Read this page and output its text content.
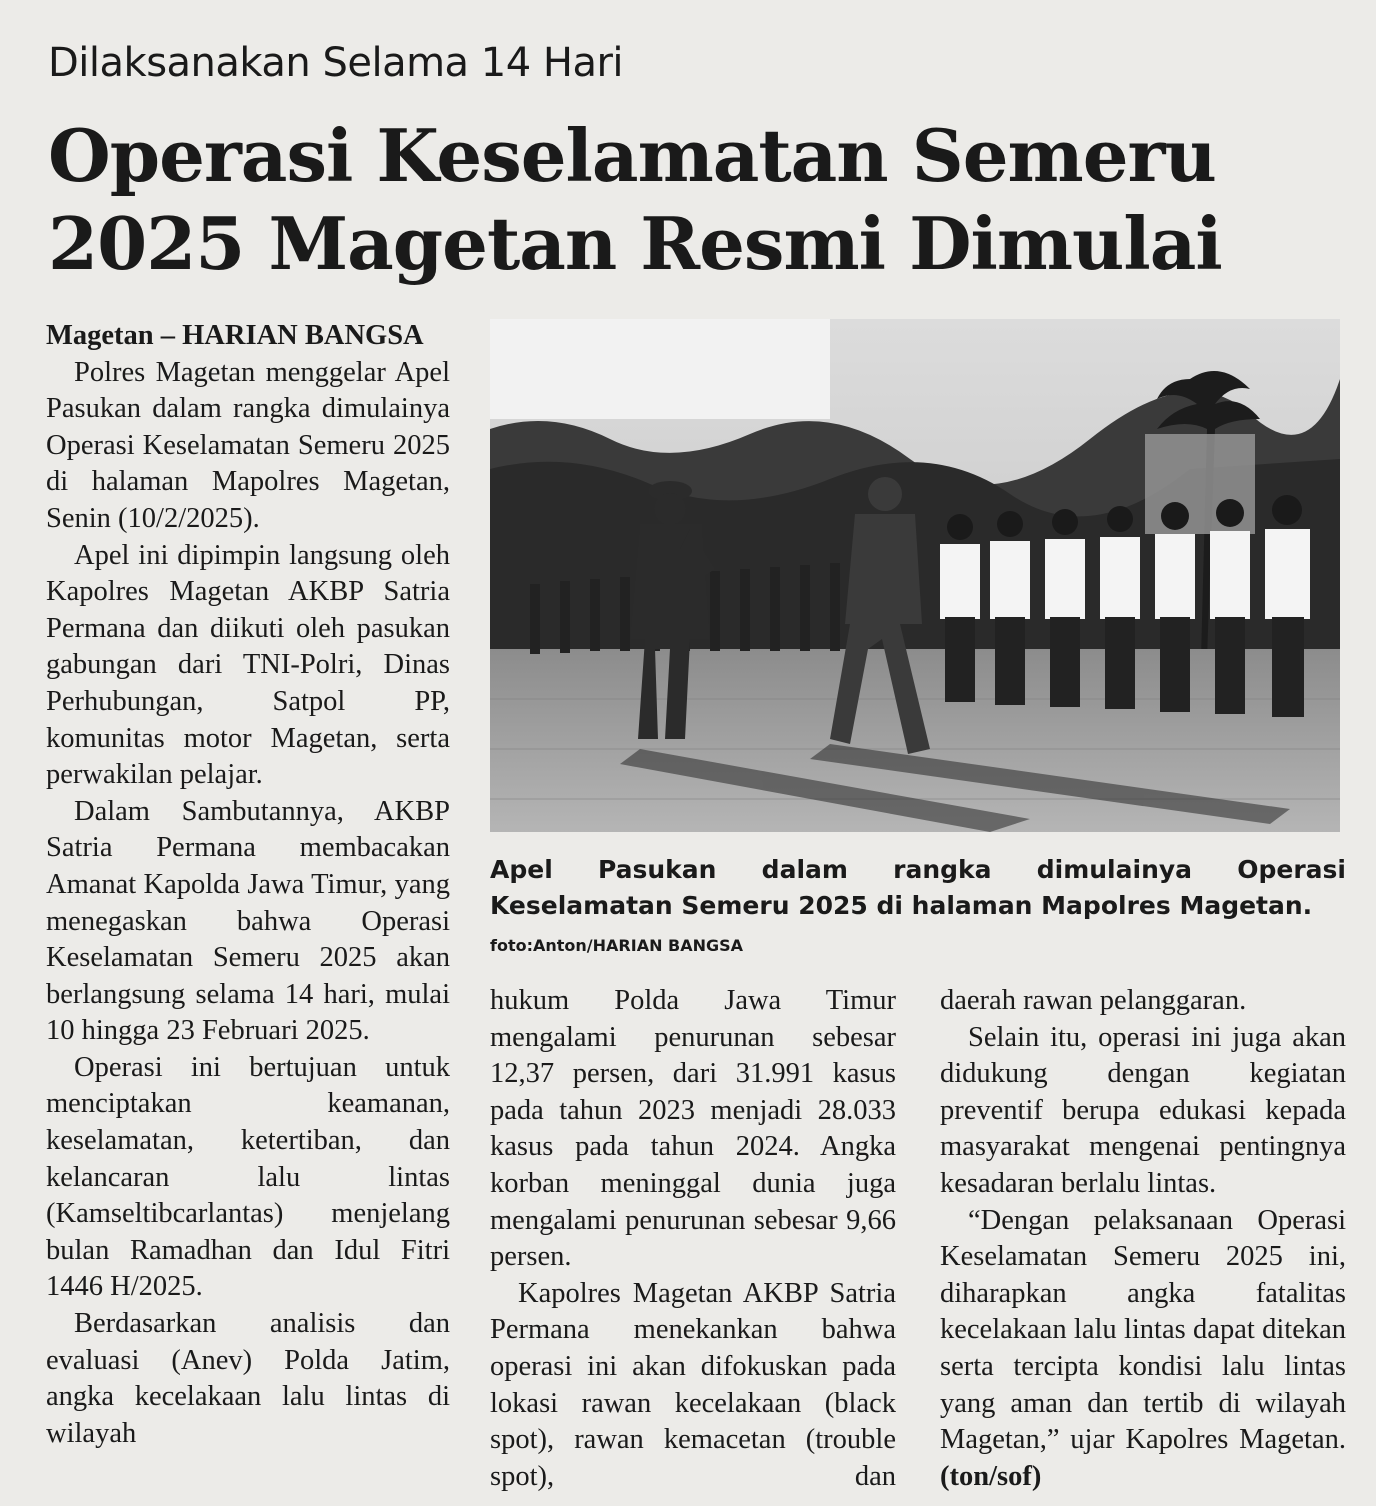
Dilaksanakan Selama 14 Hari
Operasi Keselamatan Semeru 2025 Magetan Resmi Dimulai

Magetan – HARIAN BANGSA

Polres Magetan menggelar Apel Pasukan dalam rangka dimulainya Operasi Keselamatan Semeru 2025 di halaman Mapolres Magetan, Senin (10/2/2025).

Apel ini dipimpin langsung oleh Kapolres Magetan AKBP Satria Permana dan diikuti oleh pasukan gabungan dari TNI-Polri, Dinas Perhubungan, Satpol PP, komunitas motor Magetan, serta perwakilan pelajar.

Dalam Sambutannya, AKBP Satria Permana membacakan Amanat Kapolda Jawa Timur, yang menegaskan bahwa Operasi Keselamatan Semeru 2025 akan berlangsung selama 14 hari, mulai 10 hingga 23 Februari 2025.

Operasi ini bertujuan untuk menciptakan keamanan, keselamatan, ketertiban, dan kelancaran lalu lintas (Kamseltibcarlantas) menjelang bulan Ramadhan dan Idul Fitri 1446 H/2025.

Berdasarkan analisis dan evaluasi (Anev) Polda Jatim, angka kecelakaan lalu lintas di wilayah

Apel Pasukan dalam rangka dimulainya Operasi Keselamatan Semeru 2025 di halaman Mapolres Magetan.

foto:Anton/HARIAN BANGSA

hukum Polda Jawa Timur mengalami penurunan sebesar 12,37 persen, dari 31.991 kasus pada tahun 2023 menjadi 28.033 kasus pada tahun 2024. Angka korban meninggal dunia juga mengalami penurunan sebesar 9,66 persen.

Kapolres Magetan AKBP Satria Permana menekankan bahwa operasi ini akan difokuskan pada lokasi rawan kecelakaan (black spot), rawan kemacetan (trouble spot), dan

daerah rawan pelanggaran.

Selain itu, operasi ini juga akan didukung dengan kegiatan preventif berupa edukasi kepada masyarakat mengenai pentingnya kesadaran berlalu lintas.

“Dengan pelaksanaan Operasi Keselamatan Semeru 2025 ini, diharapkan angka fatalitas kecelakaan lalu lintas dapat ditekan serta tercipta kondisi lalu lintas yang aman dan tertib di wilayah Magetan,” ujar Kapolres Magetan. (ton/sof)
